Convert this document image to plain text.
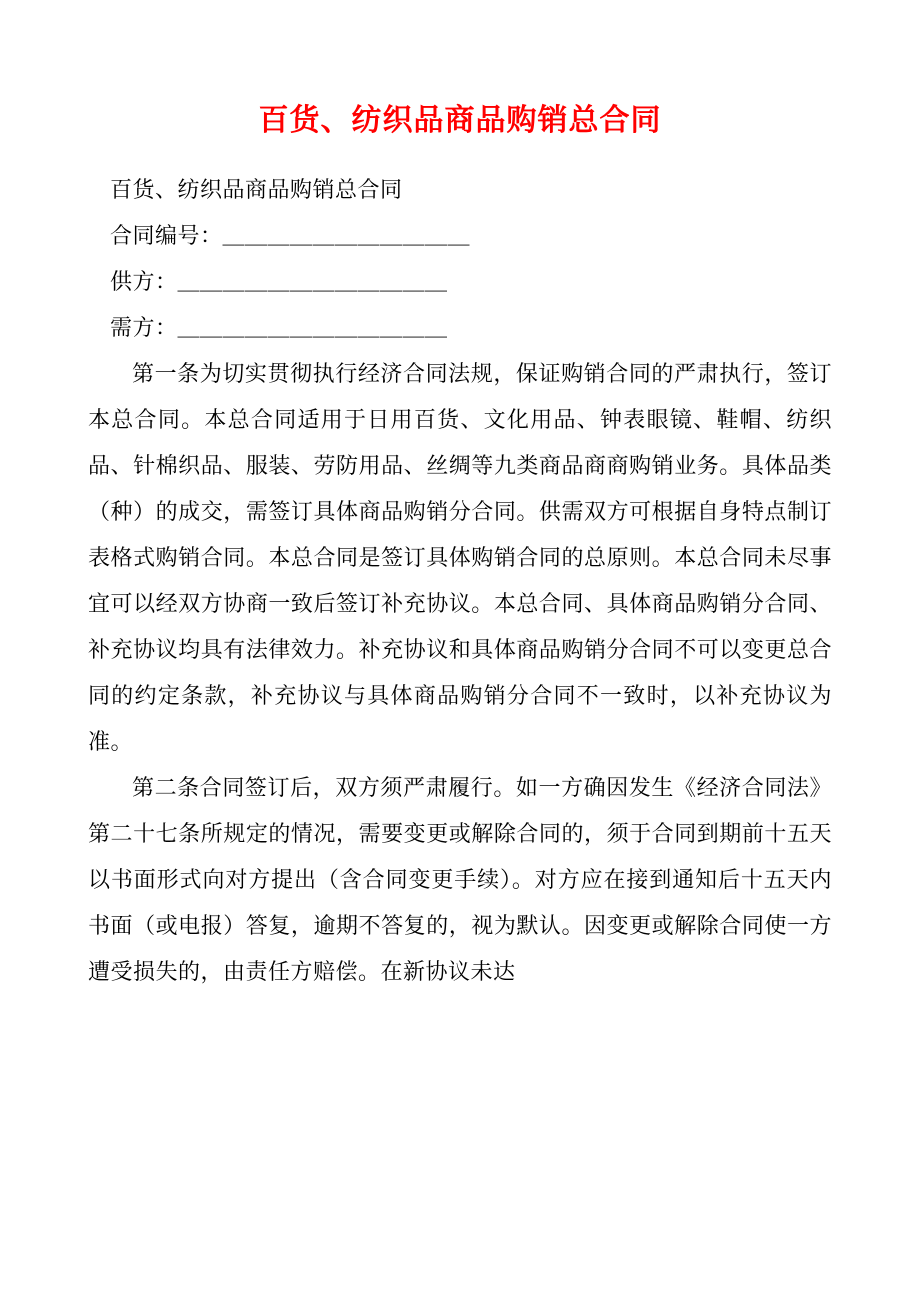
百货、纺织品商品购销总合同

百货、纺织品商品购销总合同

合同编号：＿＿＿＿＿＿＿＿＿＿＿

供方：＿＿＿＿＿＿＿＿＿＿＿＿

需方：＿＿＿＿＿＿＿＿＿＿＿＿

第一条为切实贯彻执行经济合同法规，保证购销合同的严肃执行，签订本总合同。本总合同适用于日用百货、文化用品、钟表眼镜、鞋帽、纺织品、针棉织品、服装、劳防用品、丝绸等九类商品商商购销业务。具体品类（种）的成交，需签订具体商品购销分合同。供需双方可根据自身特点制订表格式购销合同。本总合同是签订具体购销合同的总原则。本总合同未尽事宜可以经双方协商一致后签订补充协议。本总合同、具体商品购销分合同、补充协议均具有法律效力。补充协议和具体商品购销分合同不可以变更总合同的约定条款，补充协议与具体商品购销分合同不一致时，以补充协议为准。

第二条合同签订后，双方须严肃履行。如一方确因发生《经济合同法》第二十七条所规定的情况，需要变更或解除合同的，须于合同到期前十五天以书面形式向对方提出（含合同变更手续）。对方应在接到通知后十五天内书面（或电报）答复，逾期不答复的，视为默认。因变更或解除合同使一方遭受损失的，由责任方赔偿。在新协议未达
